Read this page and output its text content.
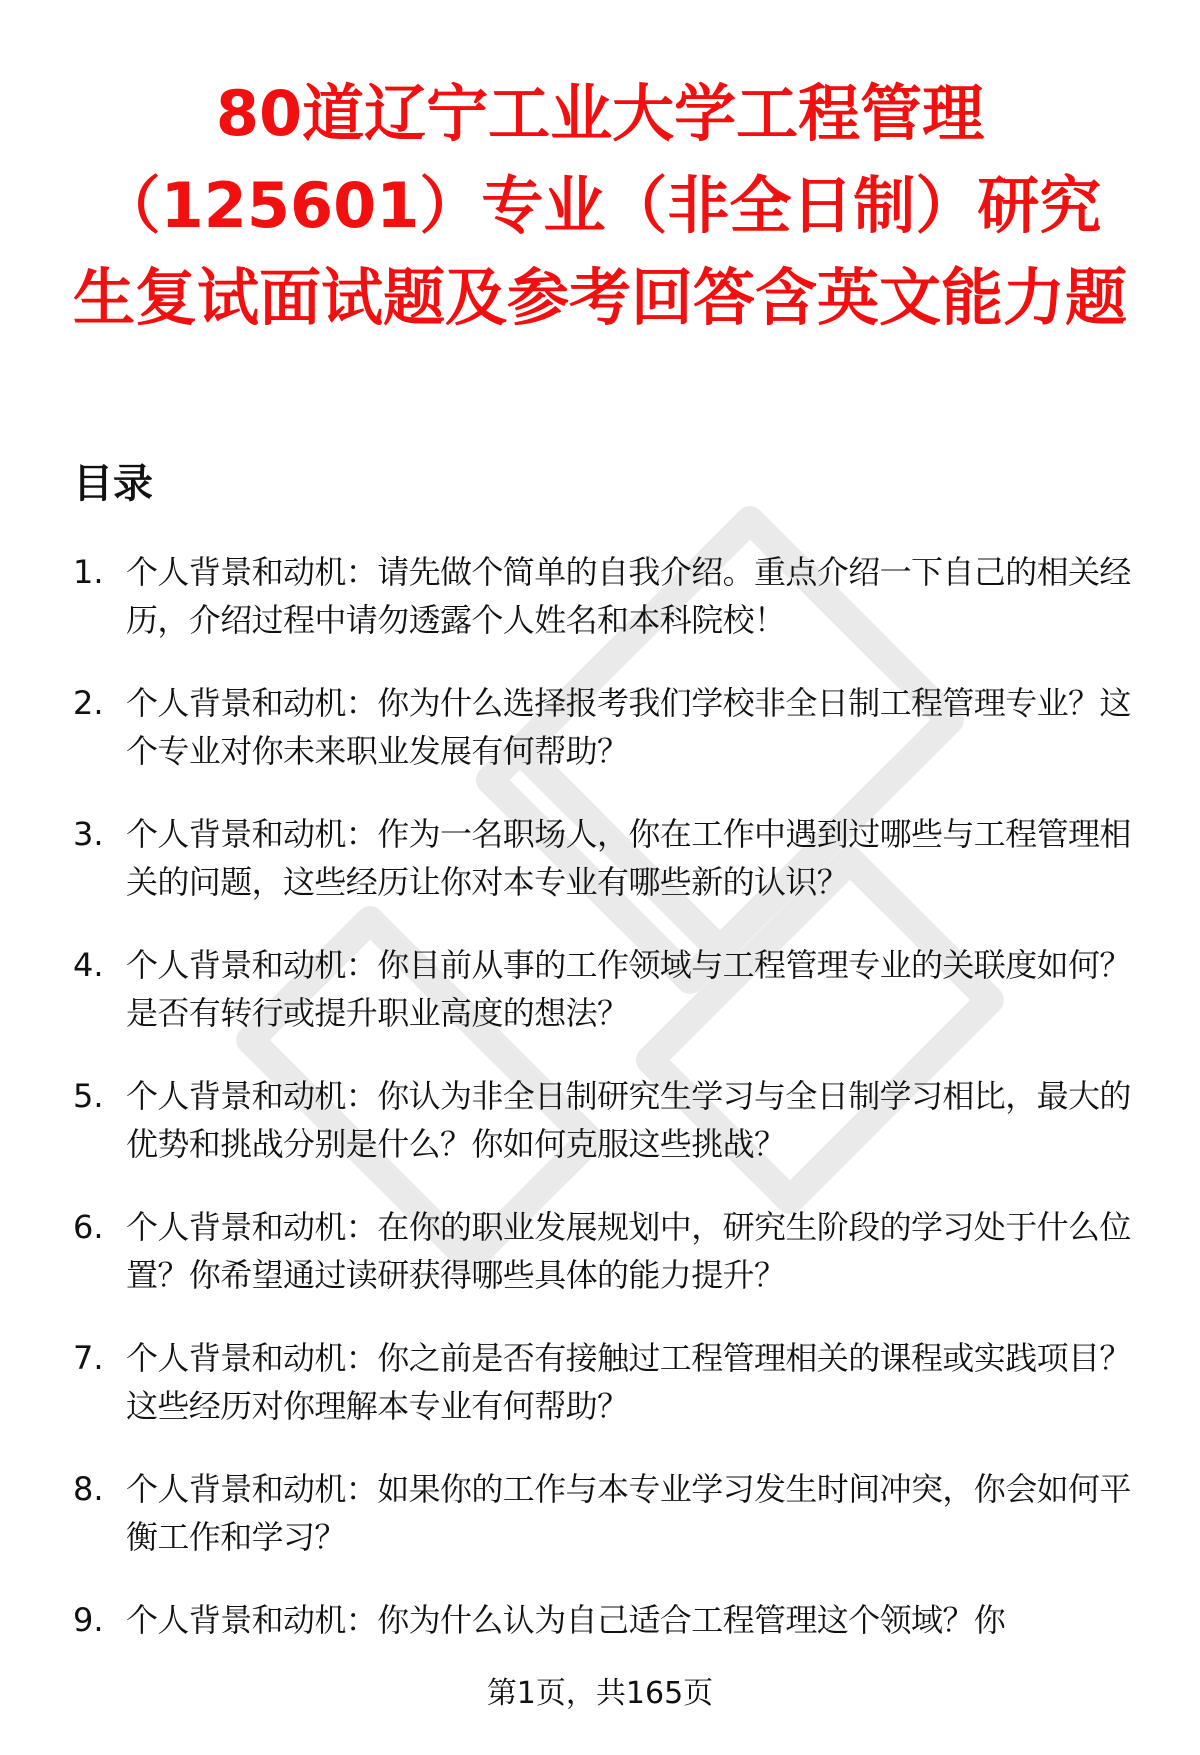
80道辽宁工业大学工程管理（125601）专业（非全日制）研究生复试面试题及参考回答含英文能力题
目录
1. 个人背景和动机：请先做个简单的自我介绍。重点介绍一下自己的相关经历，介绍过程中请勿透露个人姓名和本科院校！
2. 个人背景和动机：你为什么选择报考我们学校非全日制工程管理专业？这个专业对你未来职业发展有何帮助？
3. 个人背景和动机：作为一名职场人，你在工作中遇到过哪些与工程管理相关的问题，这些经历让你对本专业有哪些新的认识？
4. 个人背景和动机：你目前从事的工作领域与工程管理专业的关联度如何？是否有转行或提升职业高度的想法？
5. 个人背景和动机：你认为非全日制研究生学习与全日制学习相比，最大的优势和挑战分别是什么？你如何克服这些挑战？
6. 个人背景和动机：在你的职业发展规划中，研究生阶段的学习处于什么位置？你希望通过读研获得哪些具体的能力提升？
7. 个人背景和动机：你之前是否有接触过工程管理相关的课程或实践项目？这些经历对你理解本专业有何帮助？
8. 个人背景和动机：如果你的工作与本专业学习发生时间冲突，你会如何平衡工作和学习？
9. 个人背景和动机：你为什么认为自己适合工程管理这个领域？你
第1页，共165页
